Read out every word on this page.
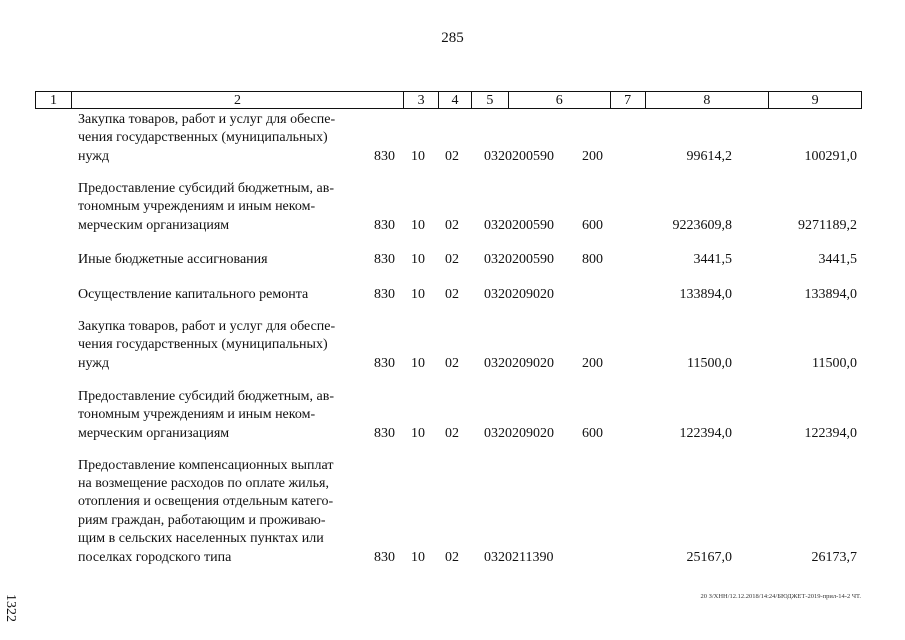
285
1	2	3	4	5	6	7	8	9
Закупка товаров, работ и услуг для обеспе-
чения государственных (муниципальных)
нужд	830 10 02 0320200590 200	99614,2	100291,0
Предоставление субсидий бюджетным, ав-
тономным учреждениям и иным неком-
мерческим организациям	830 10 02 0320200590 600	9223609,8	9271189,2
Иные бюджетные ассигнования	830 10 02 0320200590 800	3441,5	3441,5
Осуществление капитального ремонта	830 10 02 0320209020	133894,0	133894,0
Закупка товаров, работ и услуг для обеспе-
чения государственных (муниципальных)
нужд	830 10 02 0320209020 200	11500,0	11500,0
Предоставление субсидий бюджетным, ав-
тономным учреждениям и иным неком-
мерческим организациям	830 10 02 0320209020 600	122394,0	122394,0
Предоставление компенсационных выплат
на возмещение расходов по оплате жилья,
отопления и освещения отдельным катего-
риям граждан, работающим и проживаю-
щим в сельских населенных пунктах или
поселках городского типа	830 10 02 0320211390	25167,0	26173,7
1322	20 З/ХНН/12.12.2018/14:24/БЮДЖЕТ-2019-прил-14-2 ЧТ.
